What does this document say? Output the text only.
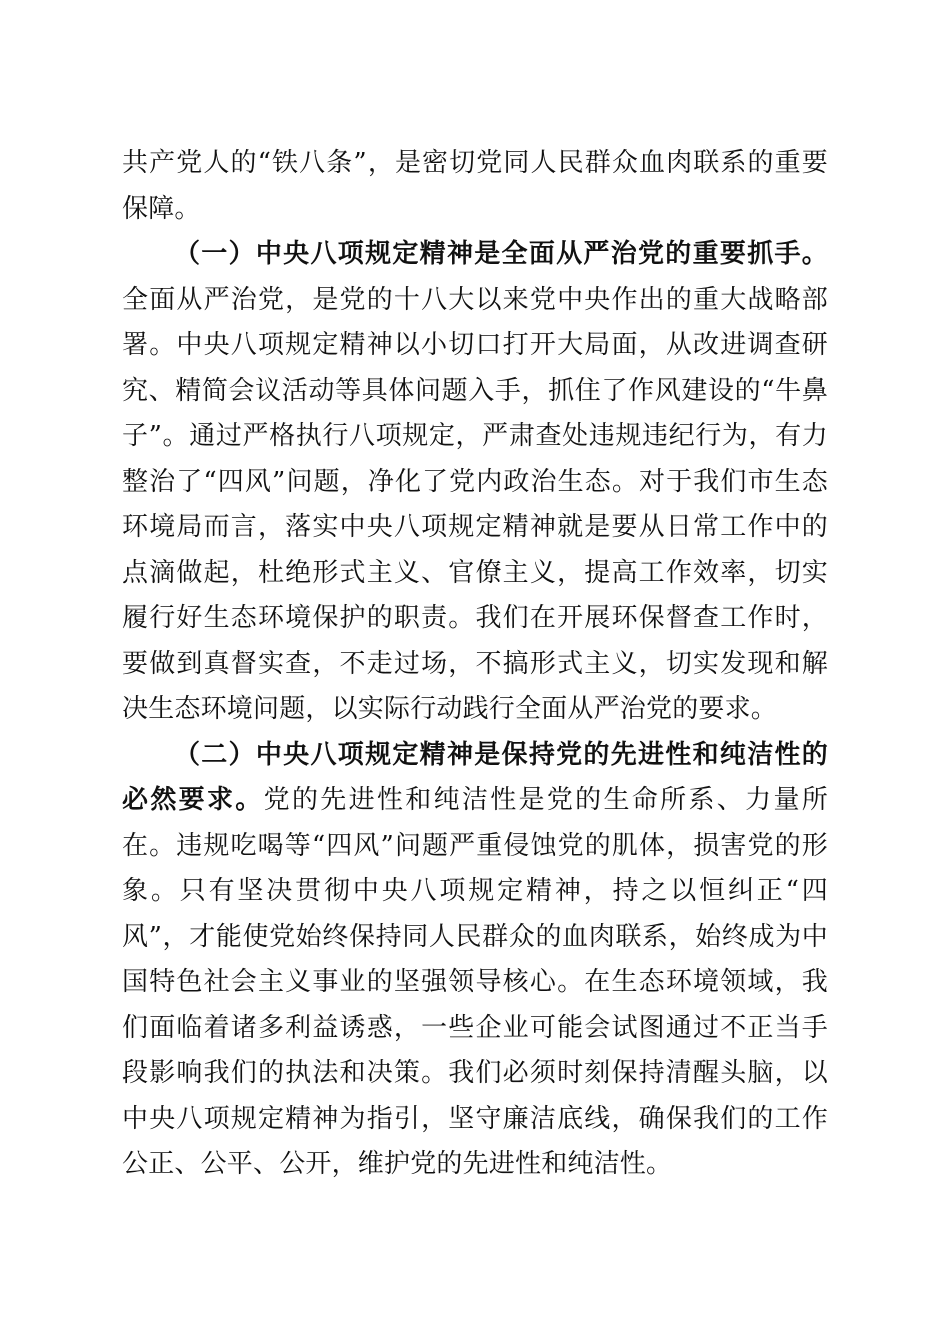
共产党人的“铁八条”，是密切党同人民群众血肉联系的重要保障。

（一）中央八项规定精神是全面从严治党的重要抓手。全面从严治党，是党的十八大以来党中央作出的重大战略部署。中央八项规定精神以小切口打开大局面，从改进调查研究、精简会议活动等具体问题入手，抓住了作风建设的“牛鼻子”。通过严格执行八项规定，严肃查处违规违纪行为，有力整治了“四风”问题，净化了党内政治生态。对于我们市生态环境局而言，落实中央八项规定精神就是要从日常工作中的点滴做起，杜绝形式主义、官僚主义，提高工作效率，切实履行好生态环境保护的职责。我们在开展环保督查工作时，要做到真督实查，不走过场，不搞形式主义，切实发现和解决生态环境问题，以实际行动践行全面从严治党的要求。

（二）中央八项规定精神是保持党的先进性和纯洁性的必然要求。党的先进性和纯洁性是党的生命所系、力量所在。违规吃喝等“四风”问题严重侵蚀党的肌体，损害党的形象。只有坚决贯彻中央八项规定精神，持之以恒纠正“四风”，才能使党始终保持同人民群众的血肉联系，始终成为中国特色社会主义事业的坚强领导核心。在生态环境领域，我们面临着诸多利益诱惑，一些企业可能会试图通过不正当手段影响我们的执法和决策。我们必须时刻保持清醒头脑，以中央八项规定精神为指引，坚守廉洁底线，确保我们的工作公正、公平、公开，维护党的先进性和纯洁性。
